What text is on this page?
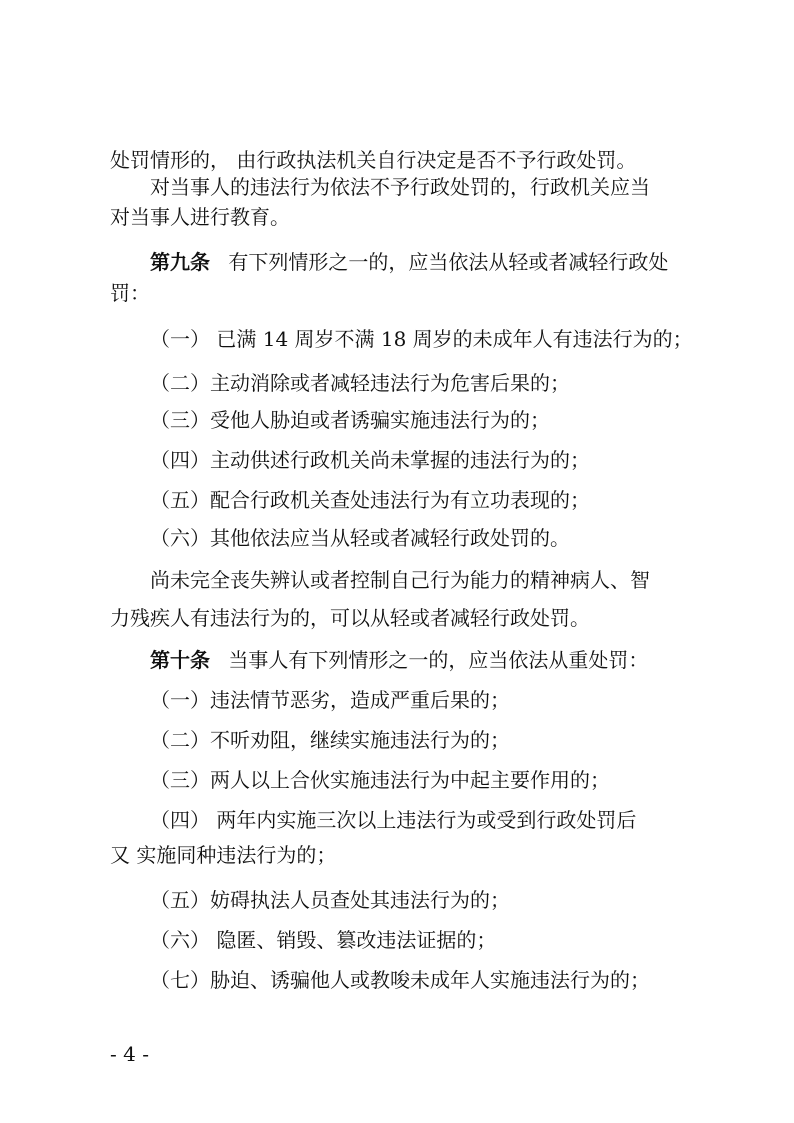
处罚情形的， 由行政执法机关自行决定是否不予行政处罚。
对当事人的违法行为依法不予行政处罚的，行政机关应当
对当事人进行教育。
第九条 有下列情形之一的，应当依法从轻或者减轻行政处
罚：
（一） 已满 14 周岁不满 18 周岁的未成年人有违法行为的；
（二）主动消除或者减轻违法行为危害后果的；
（三）受他人胁迫或者诱骗实施违法行为的；
（四）主动供述行政机关尚未掌握的违法行为的；
（五）配合行政机关查处违法行为有立功表现的；
（六）其他依法应当从轻或者减轻行政处罚的。
尚未完全丧失辨认或者控制自己行为能力的精神病人、智
力残疾人有违法行为的，可以从轻或者减轻行政处罚。
第十条 当事人有下列情形之一的，应当依法从重处罚：
（一）违法情节恶劣，造成严重后果的；
（二）不听劝阻，继续实施违法行为的；
（三）两人以上合伙实施违法行为中起主要作用的；
（四） 两年内实施三次以上违法行为或受到行政处罚后
又 实施同种违法行为的；
（五）妨碍执法人员查处其违法行为的；
（六） 隐匿、销毁、篡改违法证据的；
（七）胁迫、诱骗他人或教唆未成年人实施违法行为的；
- 4 -
